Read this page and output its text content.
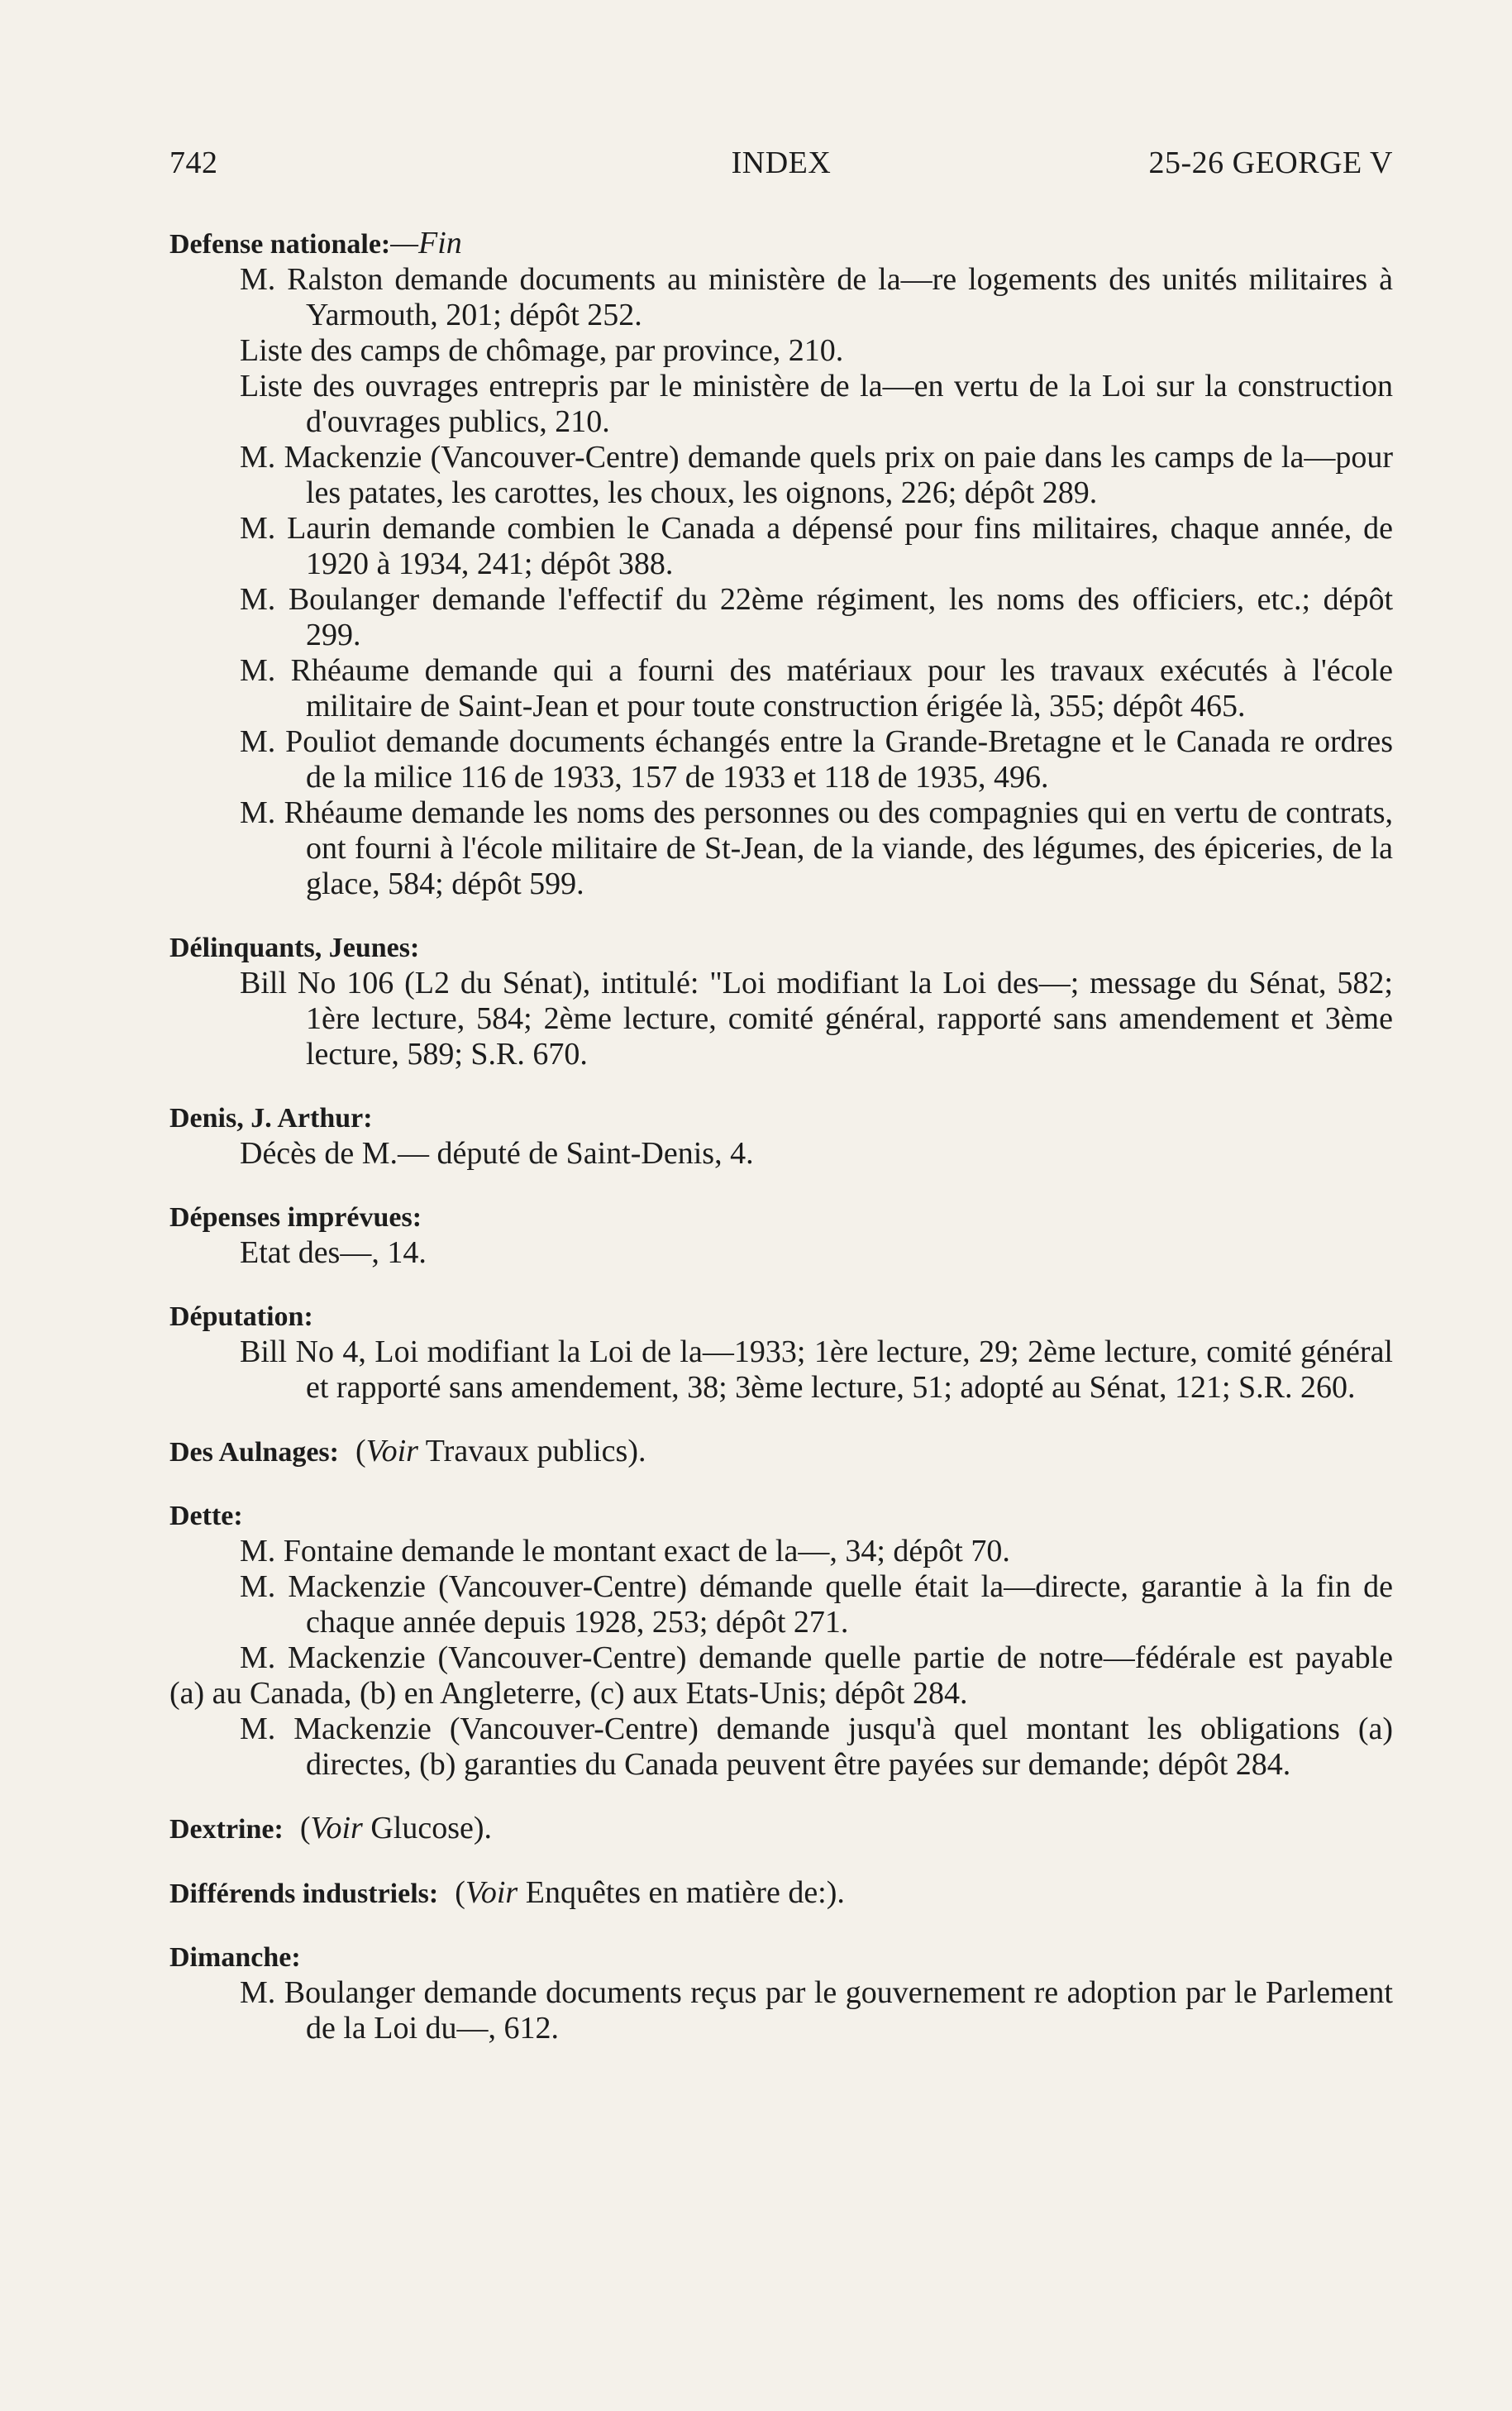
742	INDEX	25-26 GEORGE V
Defense nationale:—Fin
M. Ralston demande documents au ministère de la—re logements des unités militaires à Yarmouth, 201; dépôt 252.
Liste des camps de chômage, par province, 210.
Liste des ouvrages entrepris par le ministère de la—en vertu de la Loi sur la construction d'ouvrages publics, 210.
M. Mackenzie (Vancouver-Centre) demande quels prix on paie dans les camps de la—pour les patates, les carottes, les choux, les oignons, 226; dépôt 289.
M. Laurin demande combien le Canada a dépensé pour fins militaires, chaque année, de 1920 à 1934, 241; dépôt 388.
M. Boulanger demande l'effectif du 22ème régiment, les noms des officiers, etc.; dépôt 299.
M. Rhéaume demande qui a fourni des matériaux pour les travaux exécutés à l'école militaire de Saint-Jean et pour toute construction érigée là, 355; dépôt 465.
M. Pouliot demande documents échangés entre la Grande-Bretagne et le Canada re ordres de la milice 116 de 1933, 157 de 1933 et 118 de 1935, 496.
M. Rhéaume demande les noms des personnes ou des compagnies qui en vertu de contrats, ont fourni à l'école militaire de St-Jean, de la viande, des légumes, des épiceries, de la glace, 584; dépôt 599.
Délinquants, Jeunes:
Bill No 106 (L2 du Sénat), intitulé: "Loi modifiant la Loi des—; message du Sénat, 582; 1ère lecture, 584; 2ème lecture, comité général, rapporté sans amendement et 3ème lecture, 589; S.R. 670.
Denis, J. Arthur:
Décès de M.— député de Saint-Denis, 4.
Dépenses imprévues:
Etat des—, 14.
Députation:
Bill No 4, Loi modifiant la Loi de la—1933; 1ère lecture, 29; 2ème lecture, comité général et rapporté sans amendement, 38; 3ème lecture, 51; adopté au Sénat, 121; S.R. 260.
Des Aulnages: (Voir Travaux publics).
Dette:
M. Fontaine demande le montant exact de la—, 34; dépôt 70.
M. Mackenzie (Vancouver-Centre) démande quelle était la—directe, garantie à la fin de chaque année depuis 1928, 253; dépôt 271.
M. Mackenzie (Vancouver-Centre) demande quelle partie de notre—fédérale est payable (a) au Canada, (b) en Angleterre, (c) aux Etats-Unis; dépôt 284.
M. Mackenzie (Vancouver-Centre) demande jusqu'à quel montant les obligations (a) directes, (b) garanties du Canada peuvent être payées sur demande; dépôt 284.
Dextrine: (Voir Glucose).
Différends industriels: (Voir Enquêtes en matière de:).
Dimanche:
M. Boulanger demande documents reçus par le gouvernement re adoption par le Parlement de la Loi du—, 612.
